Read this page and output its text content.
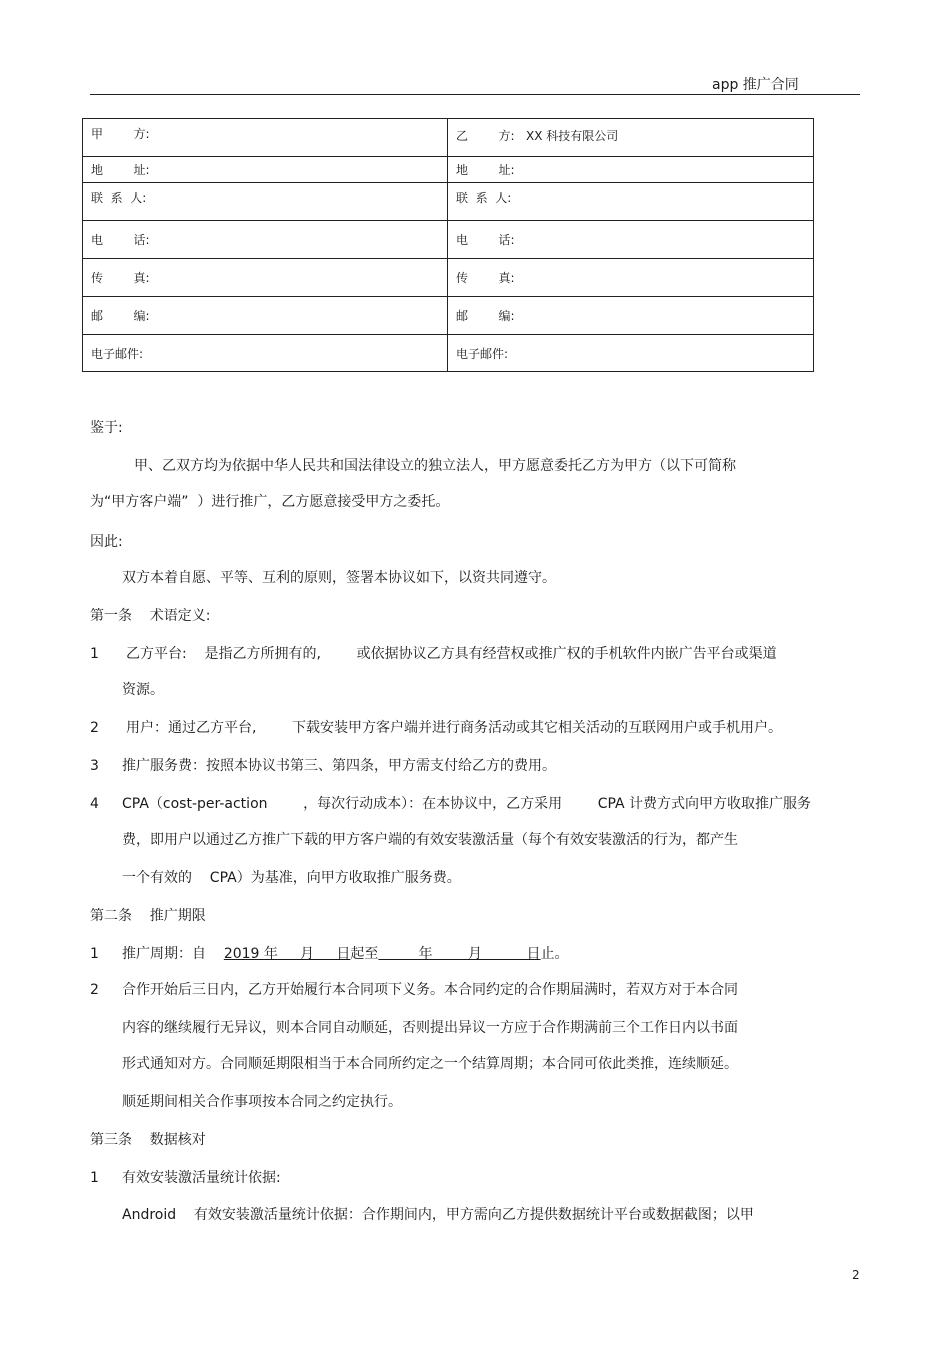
app 推广合同
甲        方:	乙        方:   XX 科技有限公司
地        址:	地        址:
联  系  人:	联  系  人:
电        话:	电        话:
传        真:	传        真:
邮        编:	邮        编:
电子邮件:	电子邮件:
鉴于:
甲、乙双方均为依据中华人民共和国法律设立的独立法人，甲方愿意委托乙方为甲方（以下可简称
为“甲方客户端”  ）进行推广，乙方愿意接受甲方之委托。
因此:
双方本着自愿、平等、互利的原则，签署本协议如下，以资共同遵守。
第一条    术语定义:
1 乙方平台:    是指乙方所拥有的,        或依据协议乙方具有经营权或推广权的手机软件内嵌广告平台或渠道
资源。
2 用户：通过乙方平台,        下载安装甲方客户端并进行商务活动或其它相关活动的互联网用户或手机用户。
3 推广服务费：按照本协议书第三、第四条，甲方需支付给乙方的费用。
4 CPA（cost-per-action        ，每次行动成本）：在本协议中，乙方采用        CPA 计费方式向甲方收取推广服务
费，即用户以通过乙方推广下载的甲方客户端的有效安装激活量（每个有效安装激活的行为，都产生
一个有效的    CPA）为基准，向甲方收取推广服务费。
第二条    推广期限
1 推广周期：自    2019 年     月     日起至         年        月          日止。
2 合作开始后三日内，乙方开始履行本合同项下义务。本合同约定的合作期届满时，若双方对于本合同
内容的继续履行无异议，则本合同自动顺延，否则提出异议一方应于合作期满前三个工作日内以书面
形式通知对方。合同顺延期限相当于本合同所约定之一个结算周期；本合同可依此类推，连续顺延。
顺延期间相关合作事项按本合同之约定执行。
第三条    数据核对
1 有效安装激活量统计依据:
Android    有效安装激活量统计依据：合作期间内，甲方需向乙方提供数据统计平台或数据截图；以甲
2
